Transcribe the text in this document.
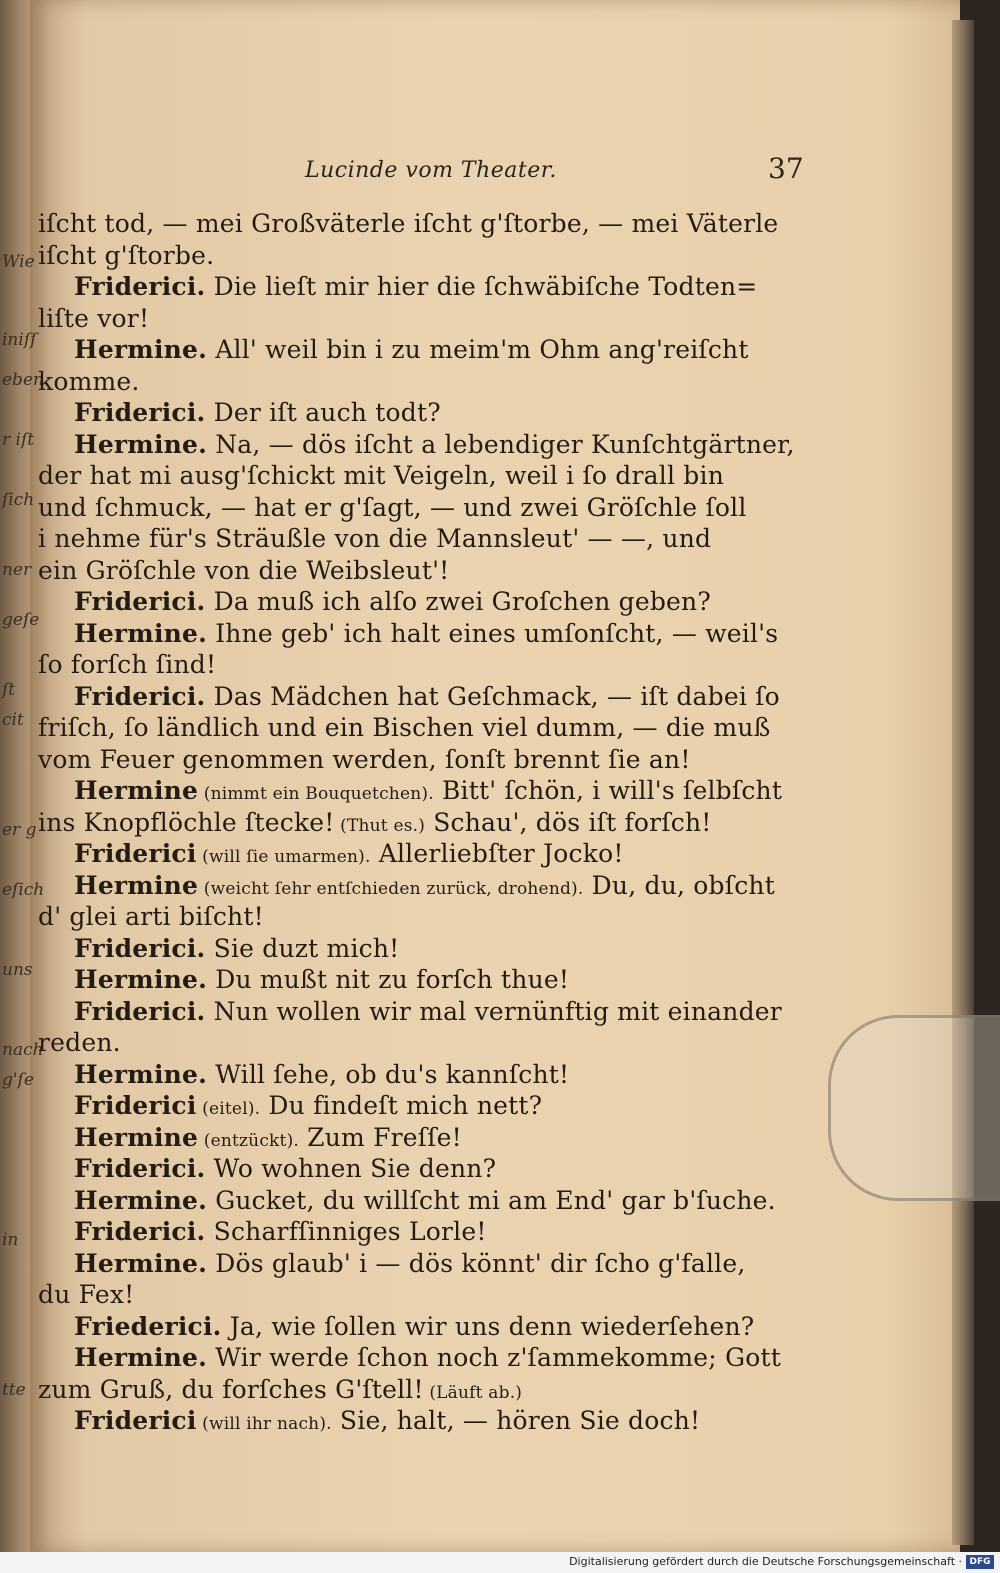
Wie
iniſſ
eben.
r iſt
ſich
ner
geſe
ſt
cit
er g
eſich
uns
nach
g'ſe
in
tte
Lucinde vom Theater.	37
iſcht tod, — mei Großväterle iſcht g'ſtorbe, — mei Väterle
iſcht g'ſtorbe.
Friderici. Die lieſt mir hier die ſchwäbiſche Todten=
liſte vor!
Hermine. All' weil bin i zu meim'm Ohm ang'reiſcht
komme.
Friderici. Der iſt auch todt?
Hermine. Na, — dös iſcht a lebendiger Kunſchtgärtner,
der hat mi ausg'ſchickt mit Veigeln, weil i ſo drall bin
und ſchmuck, — hat er g'ſagt, — und zwei Gröſchle ſoll
i nehme für's Sträußle von die Mannsleut' — —, und
ein Gröſchle von die Weibsleut'!
Friderici. Da muß ich alſo zwei Groſchen geben?
Hermine. Ihne geb' ich halt eines umſonſcht, — weil's
ſo forſch ſind!
Friderici. Das Mädchen hat Geſchmack, — iſt dabei ſo
friſch, ſo ländlich und ein Bischen viel dumm, — die muß
vom Feuer genommen werden, ſonſt brennt ſie an!
Hermine (nimmt ein Bouquetchen). Bitt' ſchön, i will's ſelbſcht
ins Knopflöchle ſtecke! (Thut es.) Schau', dös iſt forſch!
Friderici (will ſie umarmen). Allerliebſter Jocko!
Hermine (weicht ſehr entſchieden zurück, drohend). Du, du, obſcht
d' glei arti biſcht!
Friderici. Sie duzt mich!
Hermine. Du mußt nit zu forſch thue!
Friderici. Nun wollen wir mal vernünftig mit einander
reden.
Hermine. Will ſehe, ob du's kannſcht!
Friderici (eitel). Du findeſt mich nett?
Hermine (entzückt). Zum Freſſe!
Friderici. Wo wohnen Sie denn?
Hermine. Gucket, du willſcht mi am End' gar b'ſuche.
Friderici. Scharfſinniges Lorle!
Hermine. Dös glaub' i — dös könnt' dir ſcho g'falle,
du Fex!
Friederici. Ja, wie ſollen wir uns denn wiederſehen?
Hermine. Wir werde ſchon noch z'ſammekomme; Gott
zum Gruß, du forſches G'ſtell! (Läuft ab.)
Friderici (will ihr nach). Sie, halt, — hören Sie doch!
Digitalisierung gefördert durch die Deutsche Forschungsgemeinschaft · DFG
